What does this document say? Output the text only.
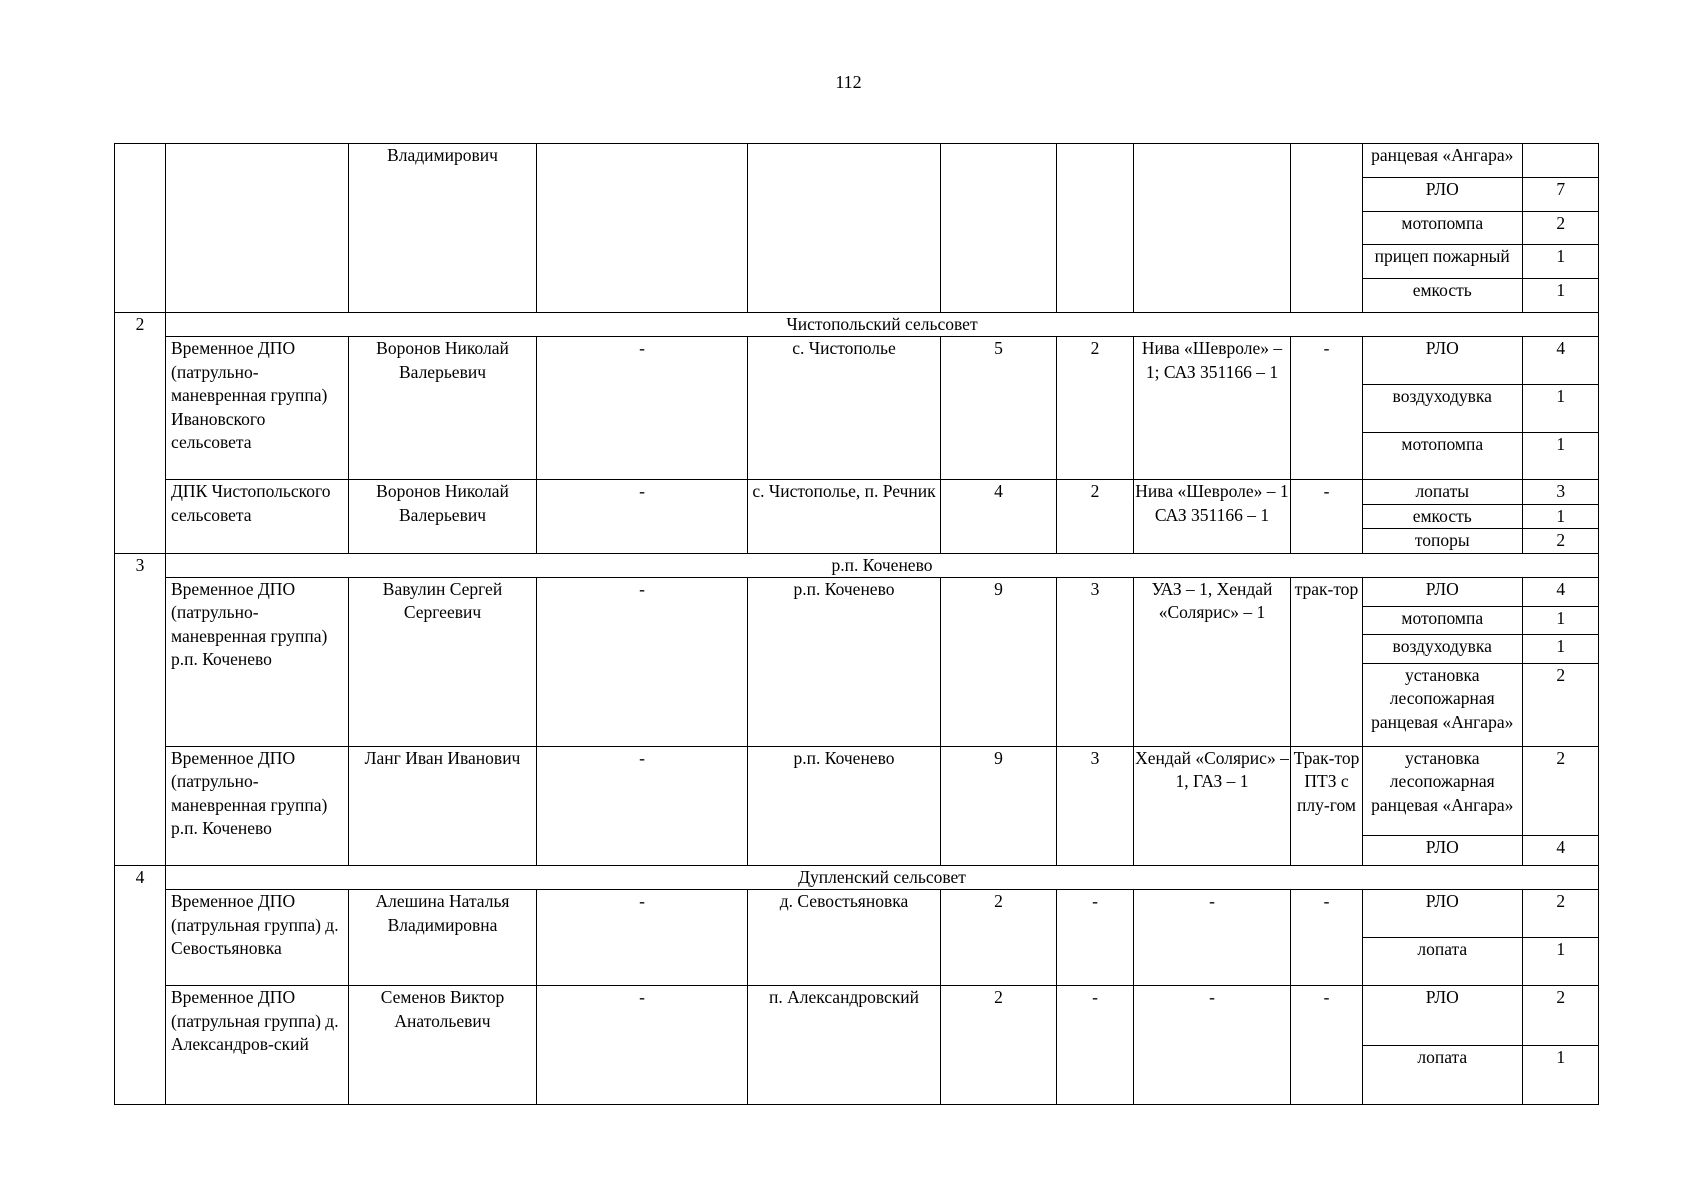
112
		Владимирович								ранцевая «Ангара»	
РЛО	7
мотопомпа	2
прицеп пожарный	1
емкость	1

2	Чистопольский сельсовет
Временное ДПО (патрульно-маневренная группа) Ивановского сельсовета	Воронов Николай Валерьевич	-	с. Чистополье	5	2	Нива «Шевроле» – 1; САЗ 351166 – 1	-		РЛО	4
воздуходувка	1
мотопомпа	1

ДПК Чистопольского сельсовета	Воронов Николай Валерьевич	-	с. Чистополье, п. Речник	4	2	Нива «Шевроле» – 1 САЗ 351166 – 1	-		лопаты	3
емкость	1
топоры	2

3	р.п. Коченево
Временное ДПО (патрульно-маневренная группа) р.п. Коченево	Вавулин Сергей Сергеевич	-	р.п. Коченево	9	3	УАЗ – 1, Хендай «Солярис» – 1	трак-тор		РЛО	4
мотопомпа	1
воздуходувка	1
установка лесопожарная ранцевая «Ангара»	2

Временное ДПО (патрульно-маневренная группа) р.п. Коченево	Ланг Иван Иванович	-	р.п. Коченево	9	3	Хендай «Солярис» – 1, ГАЗ – 1	Трак-тор ПТЗ с плу-гом	
установка лесопожарная ранцевая «Ангара»	2
РЛО	4

4	Дупленский сельсовет
Временное ДПО (патрульная группа) д. Севостьяновка	Алешина Наталья Владимировна	-	д. Севостьяновка	2	-	-	-		РЛО	2
лопата	1

Временное ДПО (патрульная группа) д. Александров-ский	Семенов Виктор Анатольевич	-	п. Александровский	2	-	-	-		РЛО	2
лопата	1
